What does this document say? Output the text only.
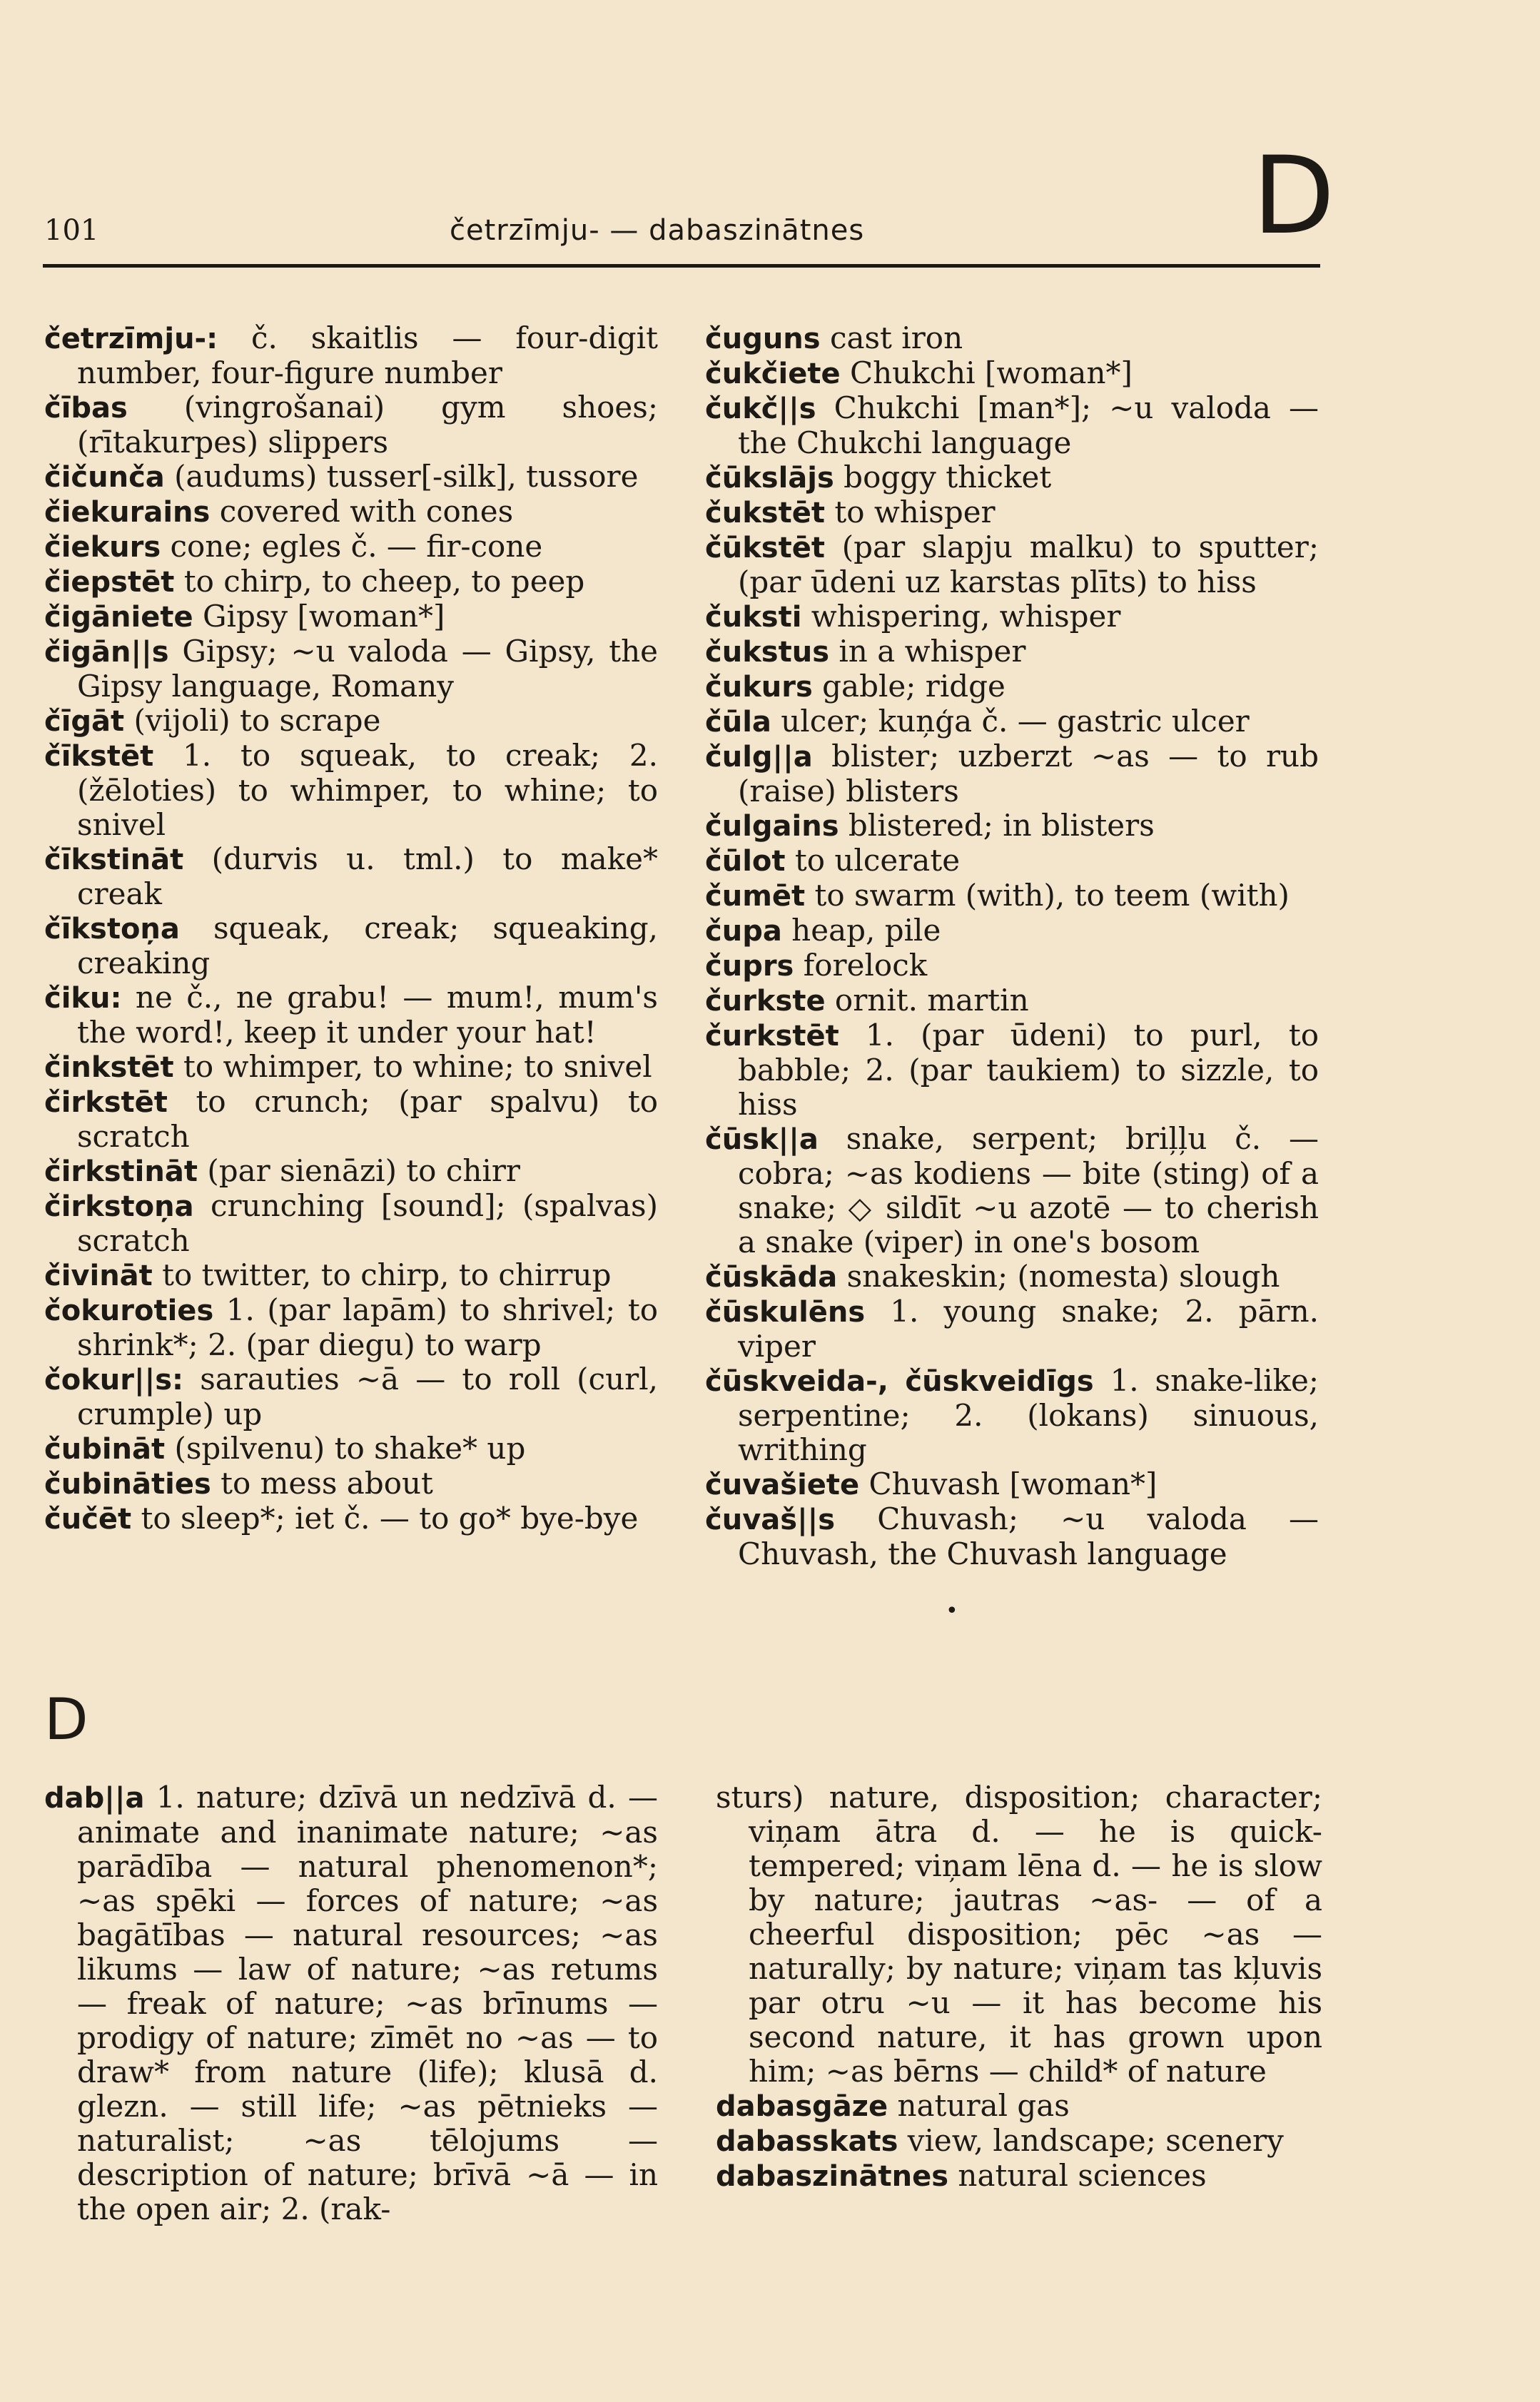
101	četrzīmju- — dabaszinātnes	D

četrzīmju-: č. skaitlis — four-digit number, four-figure number

čības (vingrošanai) gym shoes; (rītakurpes) slippers

čičunča (audums) tusser[-silk], tussore

čiekurains covered with cones

čiekurs cone; egles č. — fir-cone

čiepstēt to chirp, to cheep, to peep

čigāniete Gipsy [woman*]

čigān||s Gipsy; ~u valoda — Gipsy, the Gipsy language, Romany

čīgāt (vijoli) to scrape

čīkstēt 1. to squeak, to creak; 2. (žēloties) to whimper, to whine; to snivel

čīkstināt (durvis u. tml.) to make* creak

čīkstoņa squeak, creak; squeaking, creaking

čiku: ne č., ne grabu! — mum!, mum's the word!, keep it under your hat!

činkstēt to whimper, to whine; to snivel

čirkstēt to crunch; (par spalvu) to scratch

čirkstināt (par sienāzi) to chirr

čirkstoņa crunching [sound]; (spalvas) scratch

čivināt to twitter, to chirp, to chirrup

čokuroties 1. (par lapām) to shrivel; to shrink*; 2. (par diegu) to warp

čokur||s: sarauties ~ā — to roll (curl, crumple) up

čubināt (spilvenu) to shake* up

čubināties to mess about

čučēt to sleep*; iet č. — to go* bye-bye

čuguns cast iron

čukčiete Chukchi [woman*]

čukč||s Chukchi [man*]; ~u valoda — the Chukchi language

čūkslājs boggy thicket

čukstēt to whisper

čūkstēt (par slapju malku) to sputter; (par ūdeni uz karstas plīts) to hiss

čuksti whispering, whisper

čukstus in a whisper

čukurs gable; ridge

čūla ulcer; kuņģa č. — gastric ulcer

čulg||a blister; uzberzt ~as — to rub (raise) blisters

čulgains blistered; in blisters

čūlot to ulcerate

čumēt to swarm (with), to teem (with)

čupa heap, pile

čuprs forelock

čurkste ornit. martin

čurkstēt 1. (par ūdeni) to purl, to babble; 2. (par taukiem) to sizzle, to hiss

čūsk||a snake, serpent; briļļu č. — cobra; ~as kodiens — bite (sting) of a snake; ◇ sildīt ~u azotē — to cherish a snake (viper) in one's bosom

čūskāda snakeskin; (nomesta) slough

čūskulēns 1. young snake; 2. pārn. viper

čūskveida-, čūskveidīgs 1. snake-like; serpentine; 2. (lokans) sinuous, writhing

čuvašiete Chuvash [woman*]

čuvaš||s Chuvash; ~u valoda — Chuvash, the Chuvash language

•
D

dab||a 1. nature; dzīvā un nedzīvā d. — animate and inanimate nature; ~as parādība — natural phenomenon*; ~as spēki — forces of nature; ~as bagātības — natural resources; ~as likums — law of nature; ~as retums — freak of nature; ~as brīnums — prodigy of nature; zīmēt no ~as — to draw* from nature (life); klusā d. glezn. — still life; ~as pētnieks — naturalist; ~as tēlojums — description of nature; brīvā ~ā — in the open air; 2. (rak-

sturs) nature, disposition; character; viņam ātra d. — he is quick-tempered; viņam lēna d. — he is slow by nature; jautras ~as- — of a cheerful disposition; pēc ~as — naturally; by nature; viņam tas kļuvis par otru ~u — it has become his second nature, it has grown upon him; ~as bērns — child* of nature

dabasgāze natural gas

dabasskats view, landscape; scenery

dabaszinātnes natural sciences
